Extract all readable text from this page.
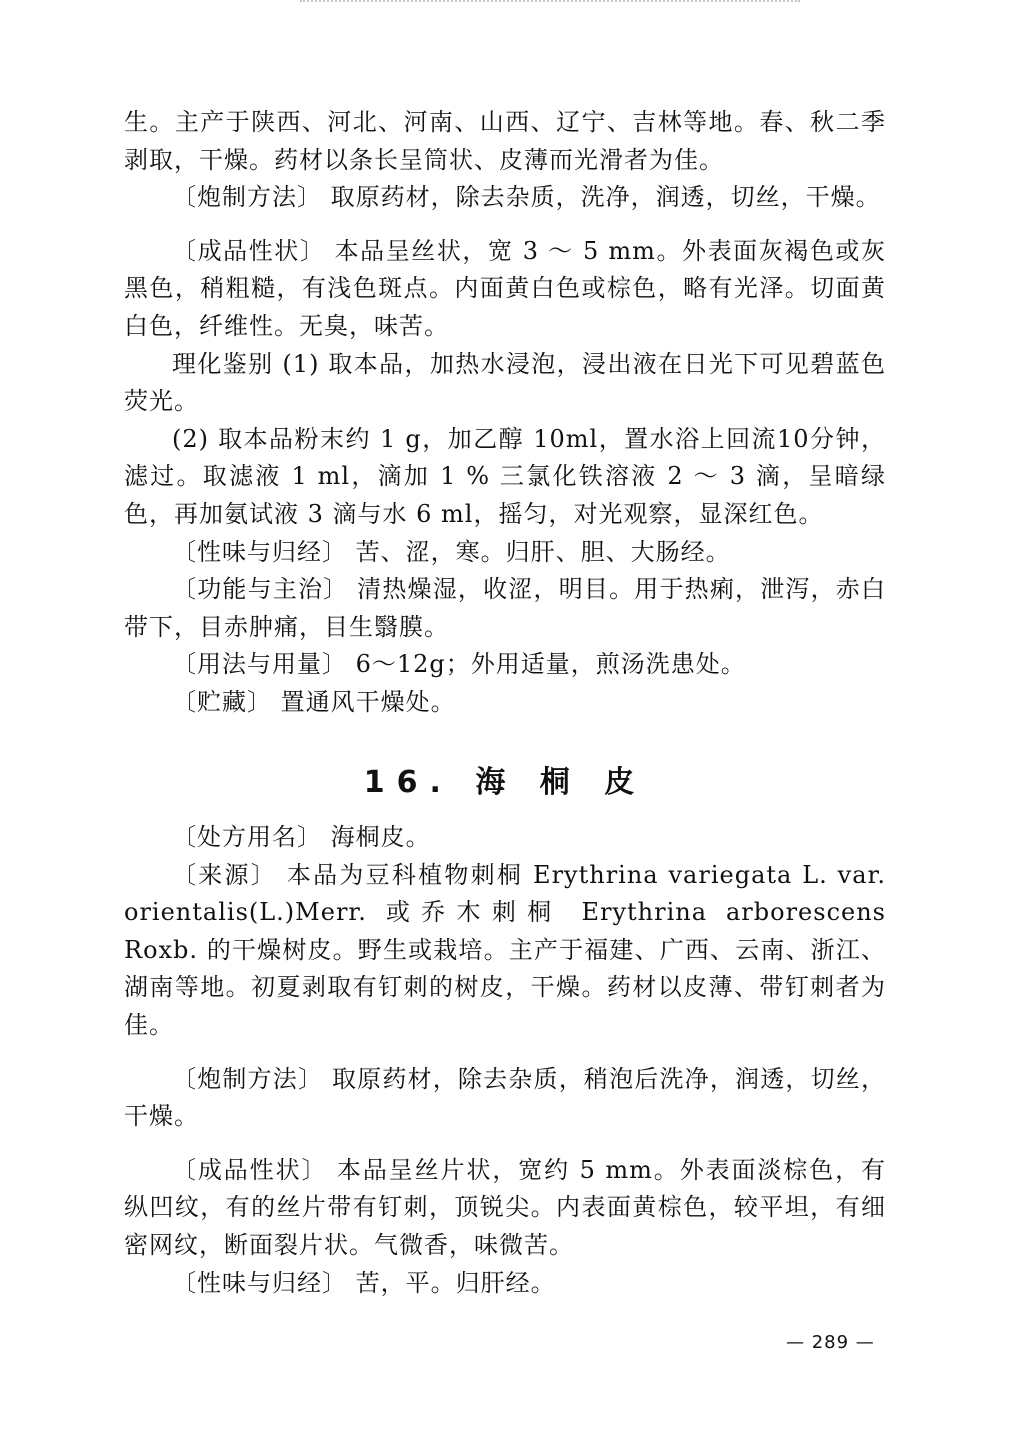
生。主产于陕西、河北、河南、山西、辽宁、吉林等地。春、秋二季剥取，干燥。药材以条长呈筒状、皮薄而光滑者为佳。

〔炮制方法〕 取原药材，除去杂质，洗净，润透，切丝，干燥。

〔成品性状〕 本品呈丝状，宽 3 ～ 5 mm。外表面灰褐色或灰黑色，稍粗糙，有浅色斑点。内面黄白色或棕色，略有光泽。切面黄白色，纤维性。无臭，味苦。

理化鉴别 (1) 取本品，加热水浸泡，浸出液在日光下可见碧蓝色荧光。

(2) 取本品粉末约 1 g，加乙醇 10ml，置水浴上回流10分钟，滤过。取滤液 1 ml，滴加 1 % 三氯化铁溶液 2 ～ 3 滴，呈暗绿色，再加氨试液 3 滴与水 6 ml，摇匀，对光观察，显深红色。

〔性味与归经〕 苦、涩，寒。归肝、胆、大肠经。

〔功能与主治〕 清热燥湿，收涩，明目。用于热痢，泄泻，赤白带下，目赤肿痛，目生翳膜。

〔用法与用量〕 6～12g；外用适量，煎汤洗患处。

〔贮藏〕 置通风干燥处。

16. 海 桐 皮

〔处方用名〕 海桐皮。

〔来源〕 本品为豆科植物刺桐 Erythrina variegata L. var. orientalis(L.)Merr. 或乔木刺桐 Erythrina arborescens Roxb. 的干燥树皮。野生或栽培。主产于福建、广西、云南、浙江、湖南等地。初夏剥取有钉刺的树皮，干燥。药材以皮薄、带钉刺者为佳。

〔炮制方法〕 取原药材，除去杂质，稍泡后洗净，润透，切丝，干燥。

〔成品性状〕 本品呈丝片状，宽约 5 mm。外表面淡棕色，有纵凹纹，有的丝片带有钉刺，顶锐尖。内表面黄棕色，较平坦，有细密网纹，断面裂片状。气微香，味微苦。

〔性味与归经〕 苦，平。归肝经。

— 289 —
